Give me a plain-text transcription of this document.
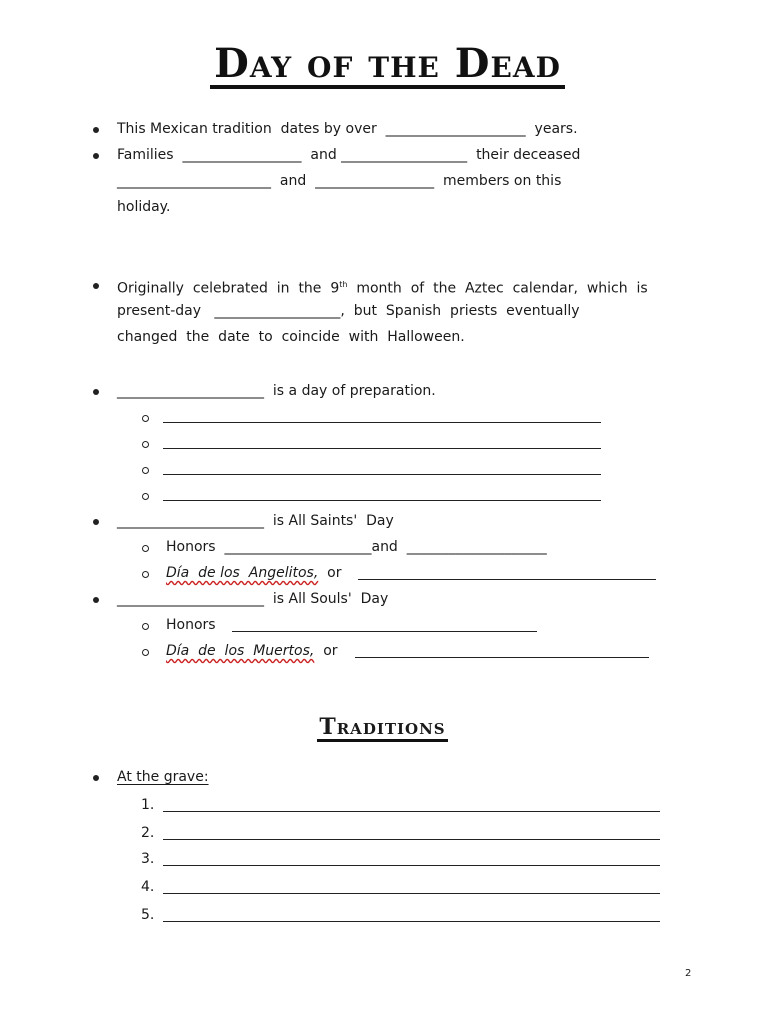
Day of the Dead
This Mexican tradition  dates by over  ____________________  years.
Families  _________________  and __________________  their deceased
______________________  and  _________________  members on this
holiday.
Originally  celebrated  in  the  9th  month  of  the  Aztec  calendar,  which  is
present-day   __________________,  but  Spanish  priests  eventually
changed  the  date  to  coincide  with  Halloween.
_____________________  is a day of preparation.
_____________________  is All Saints'  Day
Honors  _____________________and  ____________________
Día  de los  Angelitos,  or
_____________________  is All Souls'  Day
Honors
Día  de  los  Muertos,  or
Traditions
At the grave:
1.
2.
3.
4.
5.
2
